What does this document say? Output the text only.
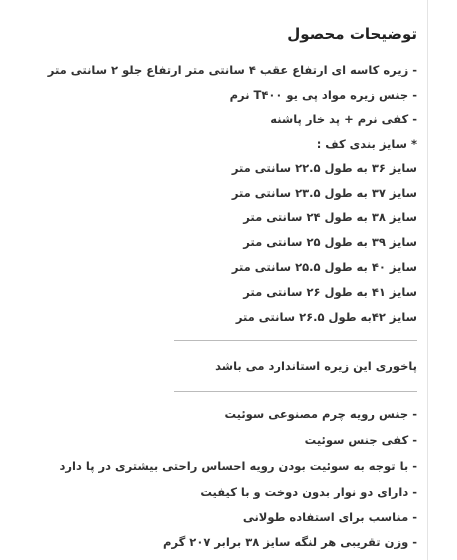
توضیحات محصول
- زیره کاسه ای ارتفاع عقب ۴ سانتی متر ارتفاع جلو ۲ سانتی متر
- جنس زیره مواد پی یو T۴۰۰ نرم
- کفی نرم + پد خار پاشنه
* سایز بندی کف :
سایز ۳۶ به طول ۲۲.۵ سانتی متر
سایز ۳۷ به طول ۲۳.۵ سانتی متر
سایز ۳۸ به طول ۲۴ سانتی متر
سایز ۳۹ به طول ۲۵ سانتی متر
سایز ۴۰ به طول ۲۵.۵ سانتی متر
سایز ۴۱ به طول ۲۶ سانتی متر
سایز ۴۲به طول ۲۶.۵ سانتی متر
پاخوری این زیره استاندارد می باشد
- جنس رویه چرم مصنوعی سوئیت
- کفی جنس سوئیت
- با توجه به سوئیت بودن رویه احساس راحتی بیشتری در پا دارد
- دارای دو نوار بدون دوخت و با کیفیت
- مناسب برای استفاده طولانی
- وزن تقریبی هر لنگه سایز ۳۸ برابر ۲۰۷ گرم
